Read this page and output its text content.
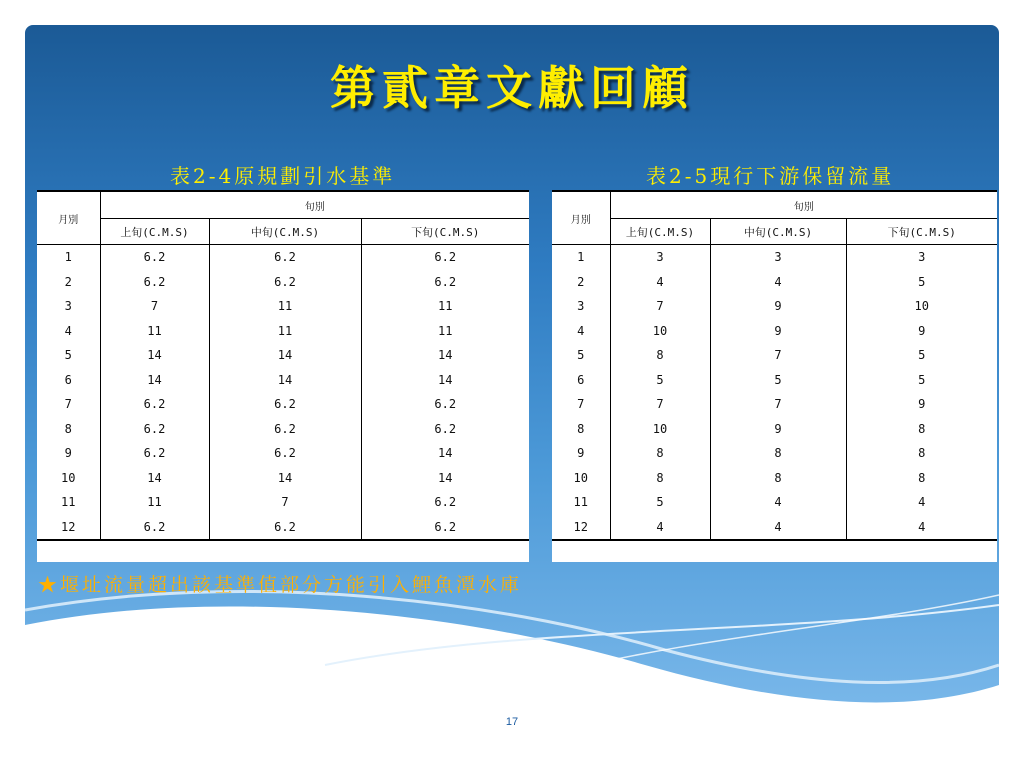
第貳章文獻回顧
表2-4原規劃引水基準	表2-5現行下游保留流量
月別	旬別		
	上旬(C.M.S)	中旬(C.M.S)	下旬(C.M.S)
1	6.2	6.2	6.2
2	6.2	6.2	6.2
3	7	11	11
4	11	11	11
5	14	14	14
6	14	14	14
7	6.2	6.2	6.2
8	6.2	6.2	6.2
9	6.2	6.2	14
10	14	14	14
11	11	7	6.2
12	6.2	6.2	6.2
月別	旬別		
	上旬(C.M.S)	中旬(C.M.S)	下旬(C.M.S)
1	3	3	3
2	4	4	5
3	7	9	10
4	10	9	9
5	8	7	5
6	5	5	5
7	7	7	9
8	10	9	8
9	8	8	8
10	8	8	8
11	5	4	4
12	4	4	4
★堰址流量超出該基準值部分方能引入鯉魚潭水庫
17
